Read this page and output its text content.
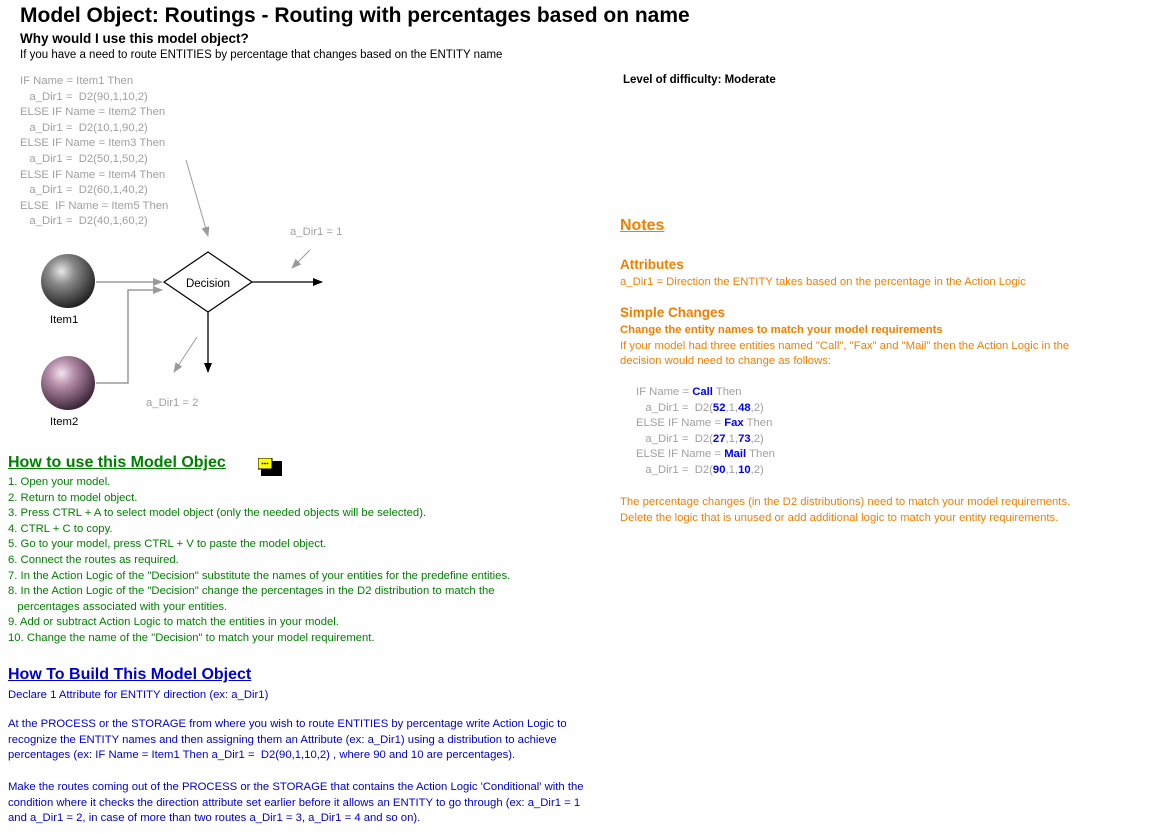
Model Object: Routings - Routing with percentages based on name
Why would I use this model object?
If you have a need to route ENTITIES by percentage that changes based on the ENTITY name
Level of difficulty: Moderate
IF Name = Item1 Then
a_Dir1 =  D2(90,1,10,2)
ELSE IF Name = Item2 Then
a_Dir1 =  D2(10,1,90,2)
ELSE IF Name = Item3 Then
a_Dir1 =  D2(50,1,50,2)
ELSE IF Name = Item4 Then
a_Dir1 =  D2(60,1,40,2)
ELSE  IF Name = Item5 Then
a_Dir1 =  D2(40,1,60,2)
Decision
Item1
Item2
a_Dir1 = 1
a_Dir1 = 2
Notes
Attributes
a_Dir1 = Direction the ENTITY takes based on the percentage in the Action Logic
Simple Changes
Change the entity names to match your model requirements
If your model had three entities named "Call", "Fax" and "Mail" then the Action Logic in the
decision would need to change as follows:
IF Name = Call Then
a_Dir1 =  D2(52,1,48,2)
ELSE IF Name = Fax Then
a_Dir1 =  D2(27,1,73,2)
ELSE IF Name = Mail Then
a_Dir1 =  D2(90,1,10,2)
The percentage changes (in the D2 distributions) need to match your model requirements.
Delete the logic that is unused or add additional logic to match your entity requirements.
How to use this Model Objec
1. Open your model.
2. Return to model object.
3. Press CTRL + A to select model object (only the needed objects will be selected).
4. CTRL + C to copy.
5. Go to your model, press CTRL + V to paste the model object.
6. Connect the routes as required.
7. In the Action Logic of the "Decision" substitute the names of your entities for the predefine entities.
8. In the Action Logic of the "Decision" change the percentages in the D2 distribution to match the
percentages associated with your entities.
9. Add or subtract Action Logic to match the entities in your model.
10. Change the name of the "Decision" to match your model requirement.
How To Build This Model Object
Declare 1 Attribute for ENTITY direction (ex: a_Dir1)
At the PROCESS or the STORAGE from where you wish to route ENTITIES by percentage write Action Logic to
recognize the ENTITY names and then assigning them an Attribute (ex: a_Dir1) using a distribution to achieve
percentages (ex: IF Name = Item1 Then a_Dir1 =  D2(90,1,10,2) , where 90 and 10 are percentages).
Make the routes coming out of the PROCESS or the STORAGE that contains the Action Logic 'Conditional' with the
condition where it checks the direction attribute set earlier before it allows an ENTITY to go through (ex: a_Dir1 = 1
and a_Dir1 = 2, in case of more than two routes a_Dir1 = 3, a_Dir1 = 4 and so on).
